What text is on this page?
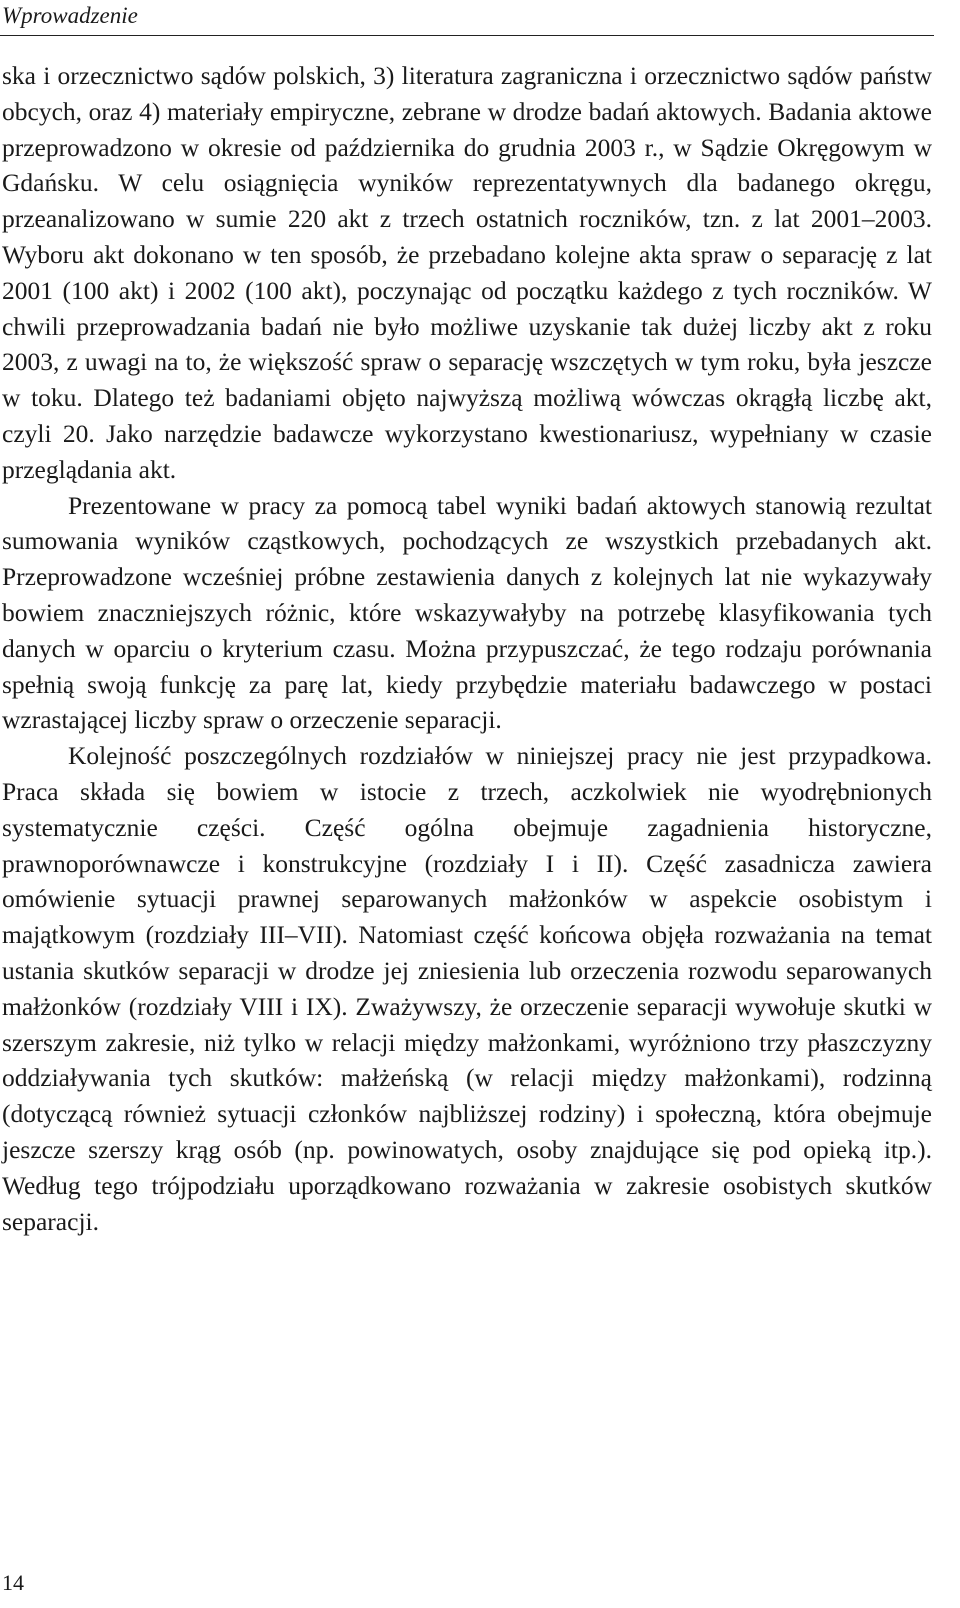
Wprowadzenie

ska i orzecznictwo sądów polskich, 3) literatura zagraniczna i orzecznictwo sądów państw obcych, oraz 4) materiały empiryczne, zebrane w drodze badań aktowych. Badania aktowe przeprowadzono w okresie od października do grudnia 2003 r., w Sądzie Okręgowym w Gdańsku. W celu osiągnięcia wyników reprezentatywnych dla badanego okręgu, przeanalizowano w sumie 220 akt z trzech ostatnich roczników, tzn. z lat 2001–2003. Wyboru akt dokonano w ten sposób, że przebadano kolejne akta spraw o separację z lat 2001 (100 akt) i 2002 (100 akt), poczynając od początku każdego z tych roczników. W chwili przeprowadzania badań nie było możliwe uzyskanie tak dużej liczby akt z roku 2003, z uwagi na to, że większość spraw o separację wszczętych w tym roku, była jeszcze w toku. Dlatego też badaniami objęto najwyższą możliwą wówczas okrągłą liczbę akt, czyli 20. Jako narzędzie badawcze wykorzystano kwestionariusz, wypełniany w czasie przeglądania akt.

Prezentowane w pracy za pomocą tabel wyniki badań aktowych stanowią rezultat sumowania wyników cząstkowych, pochodzących ze wszystkich przebadanych akt. Przeprowadzone wcześniej próbne zestawienia danych z kolejnych lat nie wykazywały bowiem znaczniejszych różnic, które wskazywałyby na potrzebę klasyfikowania tych danych w oparciu o kryterium czasu. Można przypuszczać, że tego rodzaju porównania spełnią swoją funkcję za parę lat, kiedy przybędzie materiału badawczego w postaci wzrastającej liczby spraw o orzeczenie separacji.

Kolejność poszczególnych rozdziałów w niniejszej pracy nie jest przypadkowa. Praca składa się bowiem w istocie z trzech, aczkolwiek nie wyodrębnionych systematycznie części. Część ogólna obejmuje zagadnienia historyczne, prawnoporównawcze i konstrukcyjne (rozdziały I i II). Część zasadnicza zawiera omówienie sytuacji prawnej separowanych małżonków w aspekcie osobistym i majątkowym (rozdziały III–VII). Natomiast część końcowa objęła rozważania na temat ustania skutków separacji w drodze jej zniesienia lub orzeczenia rozwodu separowanych małżonków (rozdziały VIII i IX). Zważywszy, że orzeczenie separacji wywołuje skutki w szerszym zakresie, niż tylko w relacji między małżonkami, wyróżniono trzy płaszczyzny oddziaływania tych skutków: małżeńską (w relacji między małżonkami), rodzinną (dotyczącą również sytuacji członków najbliższej rodziny) i społeczną, która obejmuje jeszcze szerszy krąg osób (np. powinowatych, osoby znajdujące się pod opieką itp.). Według tego trójpodziału uporządkowano rozważania w zakresie osobistych skutków separacji.

14
